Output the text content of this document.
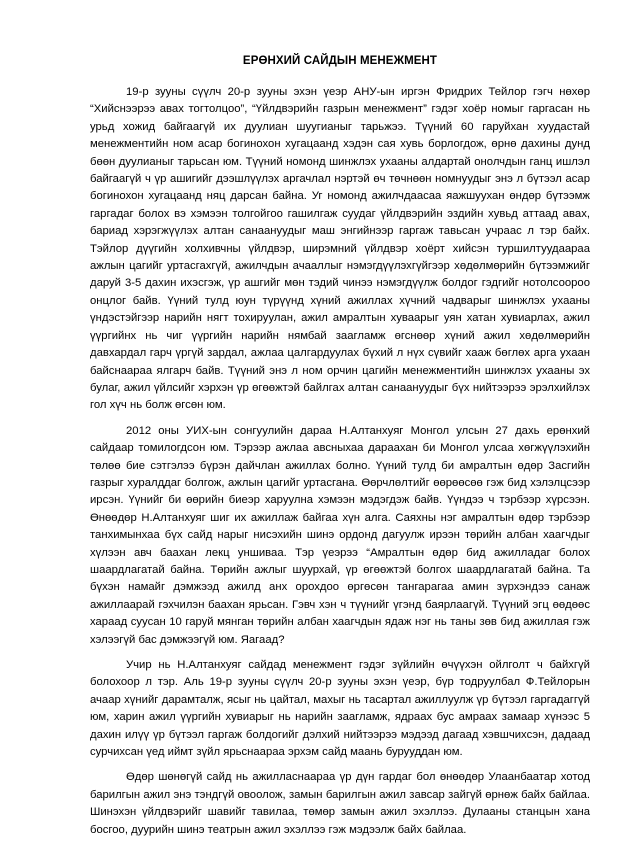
ЕРӨНХИЙ САЙДЫН МЕНЕЖМЕНТ

19-р зууны сүүлч 20-р зууны эхэн үеэр АНУ-ын иргэн Фридрих Тейлор гэгч нөхөр “Хийснээрээ авах тогтолцоо”, “Үйлдвэрийн газрын менежмент” гэдэг хоёр номыг гаргасан нь урьд хожид байгаагүй их дуулиан шуугианыг тарьжээ. Түүний 60 гаруйхан хуудастай менежментийн ном асар богинохон хугацаанд хэдэн сая хувь борлогдож, өрнө дахины дунд бөөн дуулианыг тарьсан юм. Түүний номонд шинжлэх ухааны алдартай онолчдын ганц ишлэл байгаагүй ч үр ашигийг дээшлүүлэх аргачлал нэртэй өч төчнөөн номнуудыг энэ л бүтээл асар богинохон хугацаанд няц дарсан байна. Уг номонд ажилчдаасаа яажшуухан өндөр бүтээмж гаргадаг болох вэ хэмээн толгойгоо гашилгаж суудаг үйлдвэрийн эздийн хувьд аттаад авах, бариад хэрэгжүүлэх алтан санаануудыг маш энгийнээр гаргаж тавьсан учраас л тэр байх. Тэйлор дүүгийн холхивчны үйлдвэр, ширэмний үйлдвэр хоёрт хийсэн туршилтуудаараа ажлын цагийг уртасгахгүй, ажилчдын ачааллыг нэмэгдүүлэхгүйгээр хөдөлмөрийн бүтээмжийг даруй 3-5 дахин ихэсгэж, үр ашгийг мөн тэдий чинээ нэмэгдүүлж болдог гэдгийг нотолсоороо онцлог байв. Үүний тулд юун түрүүнд хүний ажиллах хүчний чадварыг шинжлэх ухааны үндэстэйгээр нарийн нягт тохируулан, ажил амралтын хуваарыг уян хатан хувиарлах, ажил үүргийнх нь чиг үүргийн нарийн нямбай заагламж өгснөөр хүний ажил хөдөлмөрийн давхардал гарч үргүй зардал, ажлаа цалгардуулах бүхий л нүх сүвийг хааж бөглөх арга ухаан байснаараа ялгарч байв. Түүний энэ л ном орчин цагийн менежментийн шинжлэх ухааны эх булаг, ажил үйлсийг хэрхэн үр өгөөжтэй байлгах алтан санаануудыг бүх нийтээрээ эрэлхийлэх гол хүч нь болж өгсөн юм.

2012 оны УИХ-ын сонгуулийн дараа Н.Алтанхуяг Монгол улсын 27 дахь ерөнхий сайдаар томилогдсон юм. Тэрээр ажлаа авсныхаа дараахан би Монгол улсаа хөгжүүлэхийн төлөө бие сэтгэлээ бүрэн дайчлан ажиллах болно. Үүний тулд би амралтын өдөр Засгийн газрыг хуралддаг болгож, ажлын цагийг уртасгана. Өөрчлөлтийг өөрөөсөө гэж бид хэлэлцсээр ирсэн. Үүнийг би өөрийн биеэр харуулна хэмээн мэдэгдэж байв. Үүндээ ч тэрбээр хүрсээн. Өнөөдөр Н.Алтанхуяг шиг их ажиллаж байгаа хүн алга. Саяхны нэг амралтын өдөр тэрбээр танхимынхаа бүх сайд нарыг нисэхийн шинэ ордонд дагуулж ирээн төрийн албан хаагчдыг хүлээн авч баахан лекц уншиваа. Тэр үеэрээ “Амралтын өдөр бид ажилладаг болох шаардлагатай байна. Төрийн ажлыг шуурхай, үр өгөөжтэй болгох шаардлагатай байна. Та бүхэн намайг дэмжээд ажилд анх орохдоо өргөсөн тангарагаа амин зүрхэндээ санаж ажиллаарай гэхчилэн баахан ярьсан. Гэвч хэн ч түүнийг үгэнд баярлаагүй. Түүний эгц өөдөөс хараад суусан 10 гаруй мянган төрийн албан хаагчдын ядаж нэг нь таны зөв бид ажиллая гэж хэлээгүй бас дэмжээгүй юм. Яагаад?

Учир нь Н.Алтанхуяг сайдад менежмент гэдэг зүйлийн өчүүхэн ойлголт ч байхгүй болохоор л тэр. Аль 19-р зууны сүүлч 20-р зууны эхэн үеэр, бүр тодруулбал Ф.Тейлорын ачаар хүнийг дарамталж, ясыг нь цайтал, махыг нь тасартал ажиллуулж үр бүтээл гаргадаггүй юм, харин ажил үүргийн хувиарыг нь нарийн заагламж, ядраах бус амраах замаар хүнээс 5 дахин илүү үр бүтээл гаргаж болдогийг дэлхий нийтээрээ мэдээд дагаад хэвшчихсэн, дадаад сурчихсан үед иймт зүйл ярьснаараа эрхэм сайд маань бурууддан юм.

Өдөр шөнөгүй сайд нь ажилласнаараа үр дүн гардаг бол өнөөдөр Улаанбаатар хотод барилгын ажил энэ тэндгүй овоолож, замын барилгын ажил завсар зайгүй өрнөж байх байлаа. Шинэхэн үйлдвэрийг шавийг тавилаа, төмөр замын ажил эхэллээ. Дулааны станцын хана босгоо, дуурийн шинэ театрын ажил эхэллээ гэж мэдээлж байх байлаа.
